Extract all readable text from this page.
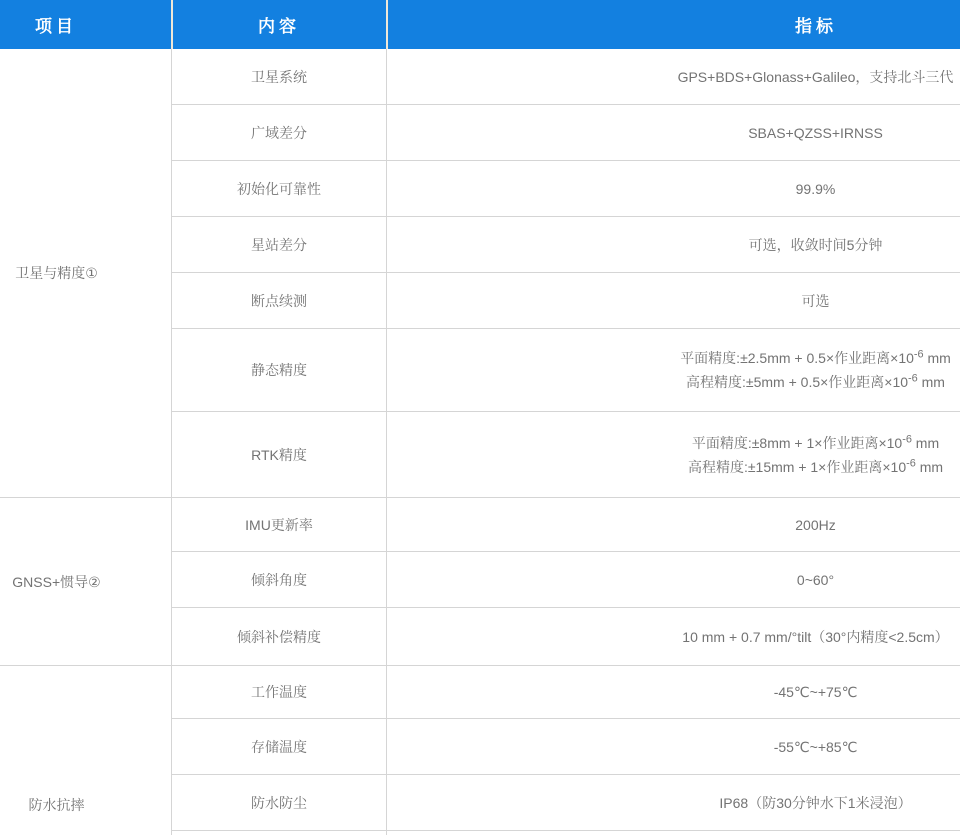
项目	内容	指标
卫星与精度①	卫星系统	GPS+BDS+Glonass+Galileo，支持北斗三代
	广域差分	SBAS+QZSS+IRNSS
	初始化可靠性	99.9%
	星站差分	可选，收敛时间5分钟
	断点续测	可选
	静态精度	平面精度:±2.5mm + 0.5×作业距离$\times 10^{-6}$ mm
高程精度:±5mm + 0.5×作业距离$\times 10^{-6}$ mm

	RTK精度	平面精度:±8mm + 1×作业距离$\times 10^{-6}$ mm
高程精度:±15mm + 1×作业距离$\times 10^{-6}$ mm

GNSS+惯导②	IMU更新率	200Hz
	倾斜角度	0~60°
	倾斜补偿精度	10 mm + 0.7 mm/°tilt（30°内精度<2.5cm）
防水抗摔	工作温度	-45℃~+75℃
	存储温度	-55℃~+85℃
	防水防尘	IP68（防30分钟水下1米浸泡）
